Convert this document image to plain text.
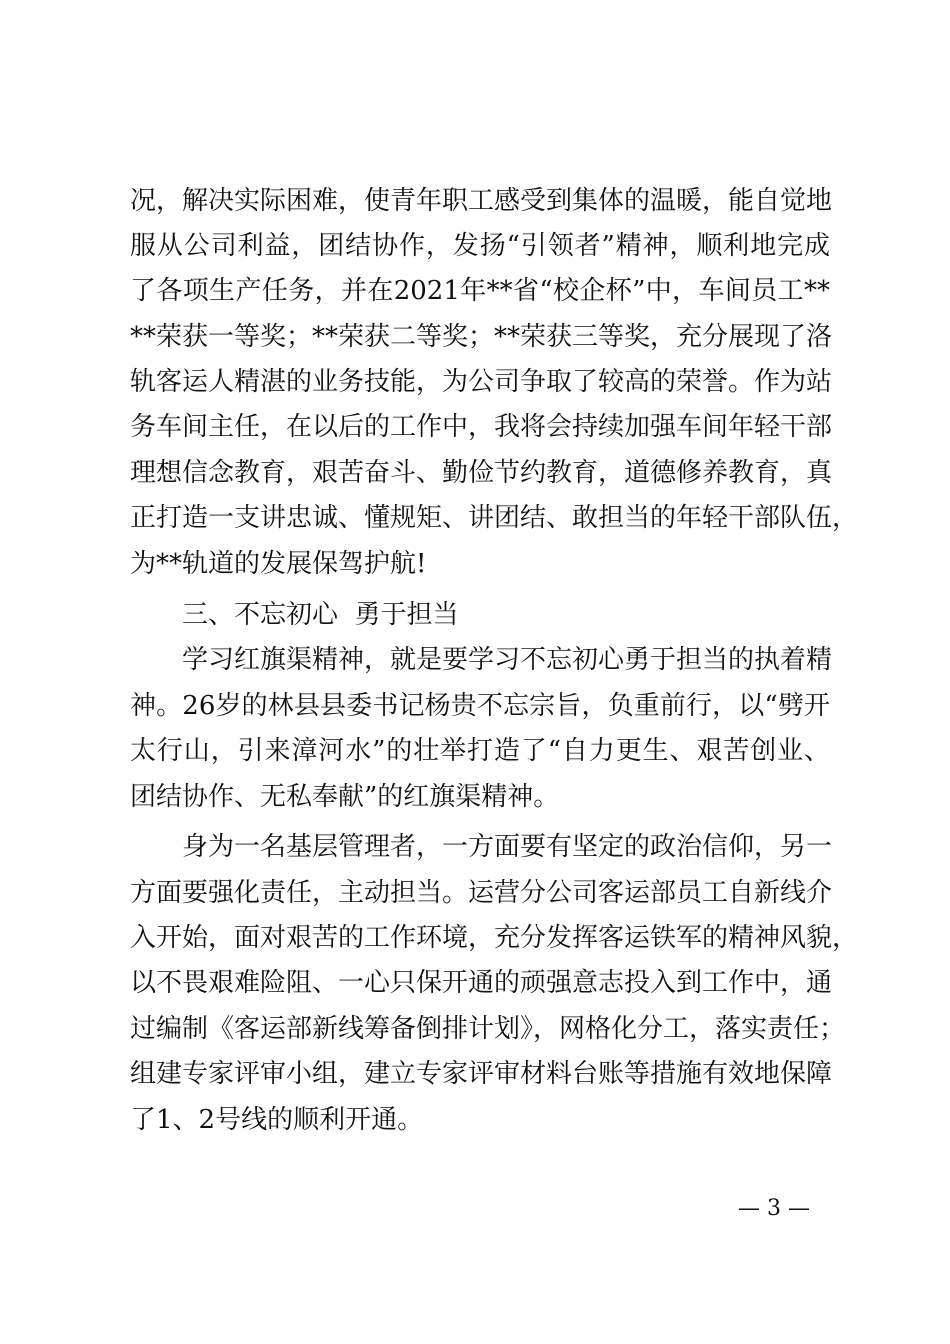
况，解决实际困难，使青年职工感受到集体的温暖，能自觉地
服从公司利益，团结协作，发扬“引领者”精神，顺利地完成
了各项生产任务，并在2021年**省“校企杯”中，车间员工**
**荣获一等奖；**荣获二等奖；**荣获三等奖，充分展现了洛
轨客运人精湛的业务技能，为公司争取了较高的荣誉。作为站
务车间主任，在以后的工作中，我将会持续加强车间年轻干部
理想信念教育，艰苦奋斗、勤俭节约教育，道德修养教育，真
正打造一支讲忠诚、懂规矩、讲团结、敢担当的年轻干部队伍，
为**轨道的发展保驾护航!
三、不忘初心  勇于担当
学习红旗渠精神，就是要学习不忘初心勇于担当的执着精
神。26岁的林县县委书记杨贵不忘宗旨，负重前行，以“劈开
太行山，引来漳河水”的壮举打造了“自力更生、艰苦创业、
团结协作、无私奉献”的红旗渠精神。
身为一名基层管理者，一方面要有坚定的政治信仰，另一
方面要强化责任，主动担当。运营分公司客运部员工自新线介
入开始，面对艰苦的工作环境，充分发挥客运铁军的精神风貌，
以不畏艰难险阻、一心只保开通的顽强意志投入到工作中，通
过编制《客运部新线筹备倒排计划》，网格化分工，落实责任；
组建专家评审小组，建立专家评审材料台账等措施有效地保障
了1、2号线的顺利开通。
— 3 —
